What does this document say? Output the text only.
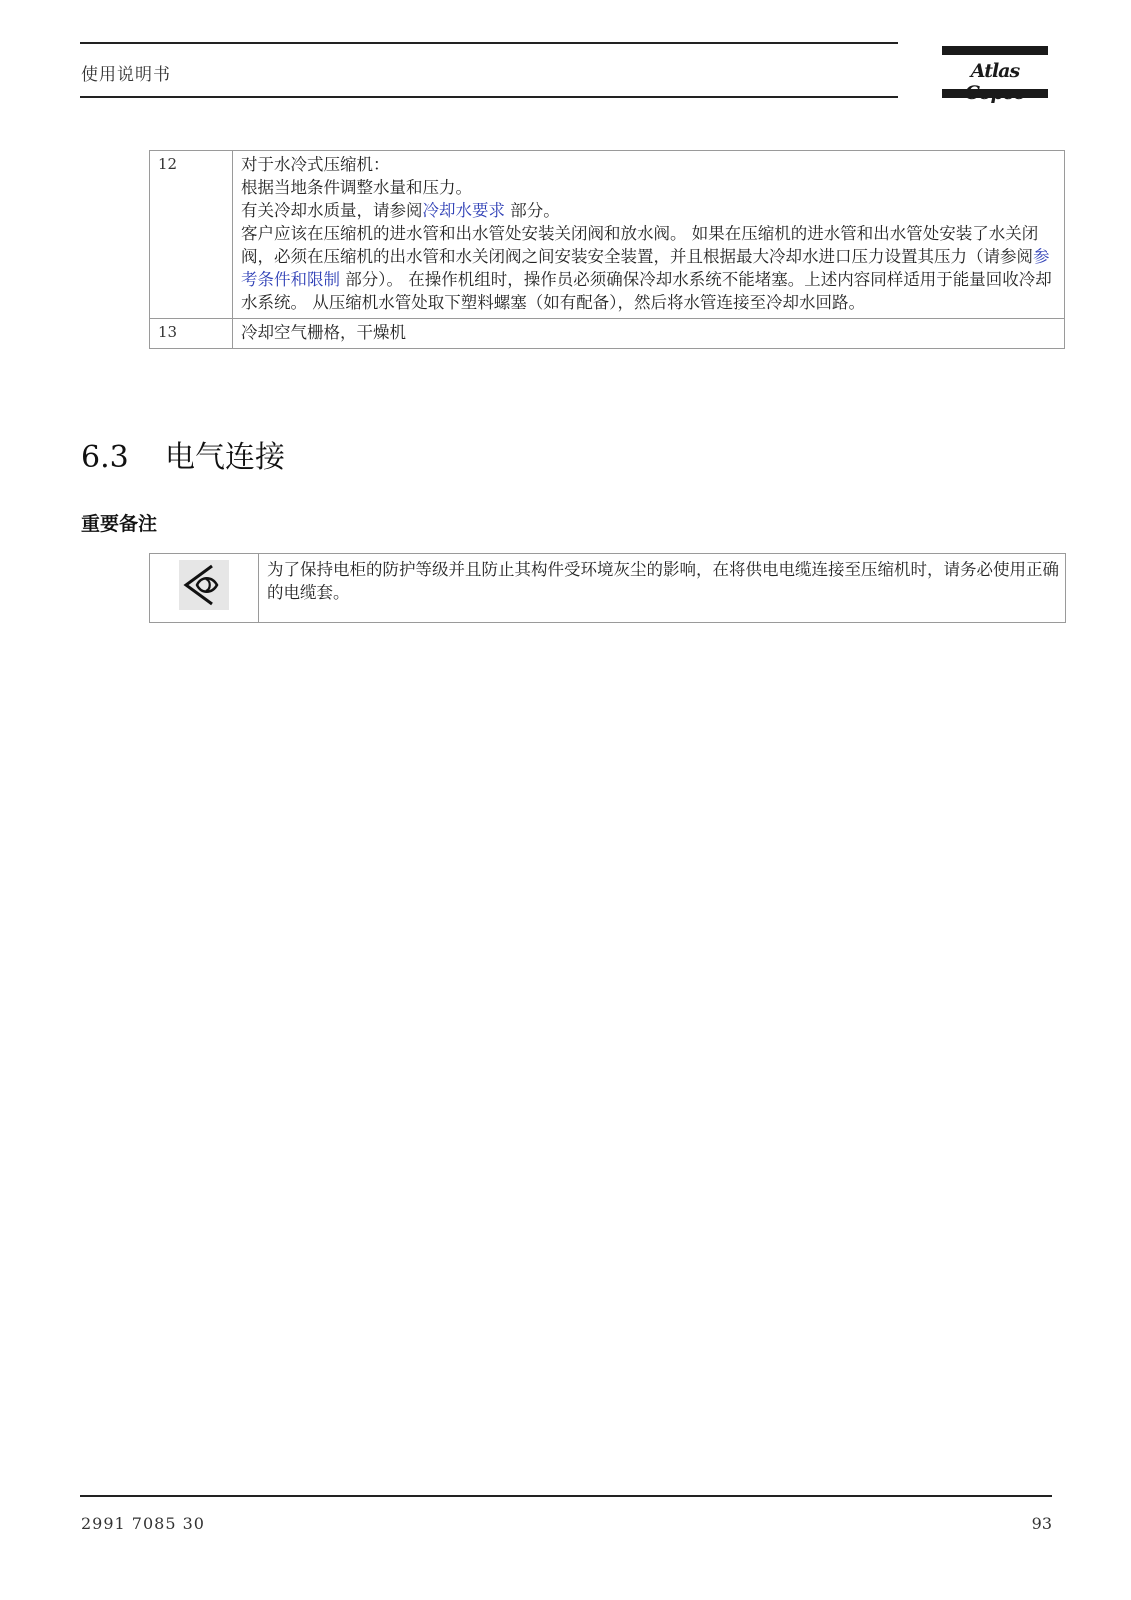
使用说明书	Atlas
12	对于水冷式压缩机：
根据当地条件调整水量和压力。
有关冷却水质量，请参阅冷却水要求 部分。
客户应该在压缩机的进水管和出水管处安装关闭阀和放水阀。 如果在压缩机的进水管和出水管处安装了水关闭阀，必须在压缩机的出水管和水关闭阀之间安装安全装置，并且根据最大冷却水进口压力设置其压力（请参阅参考条件和限制 部分）。 在操作机组时，操作员必须确保冷却水系统不能堵塞。上述内容同样适用于能量回收冷却水系统。 从压缩机水管处取下塑料螺塞（如有配备），然后将水管连接至冷却水回路。

13	冷却空气栅格，干燥机
6.3 电气连接
重要备注
	为了保持电柜的防护等级并且防止其构件受环境灰尘的影响，在将供电电缆连接至压缩机时，请务必使用正确的电缆套。
2991 7085 30	93
